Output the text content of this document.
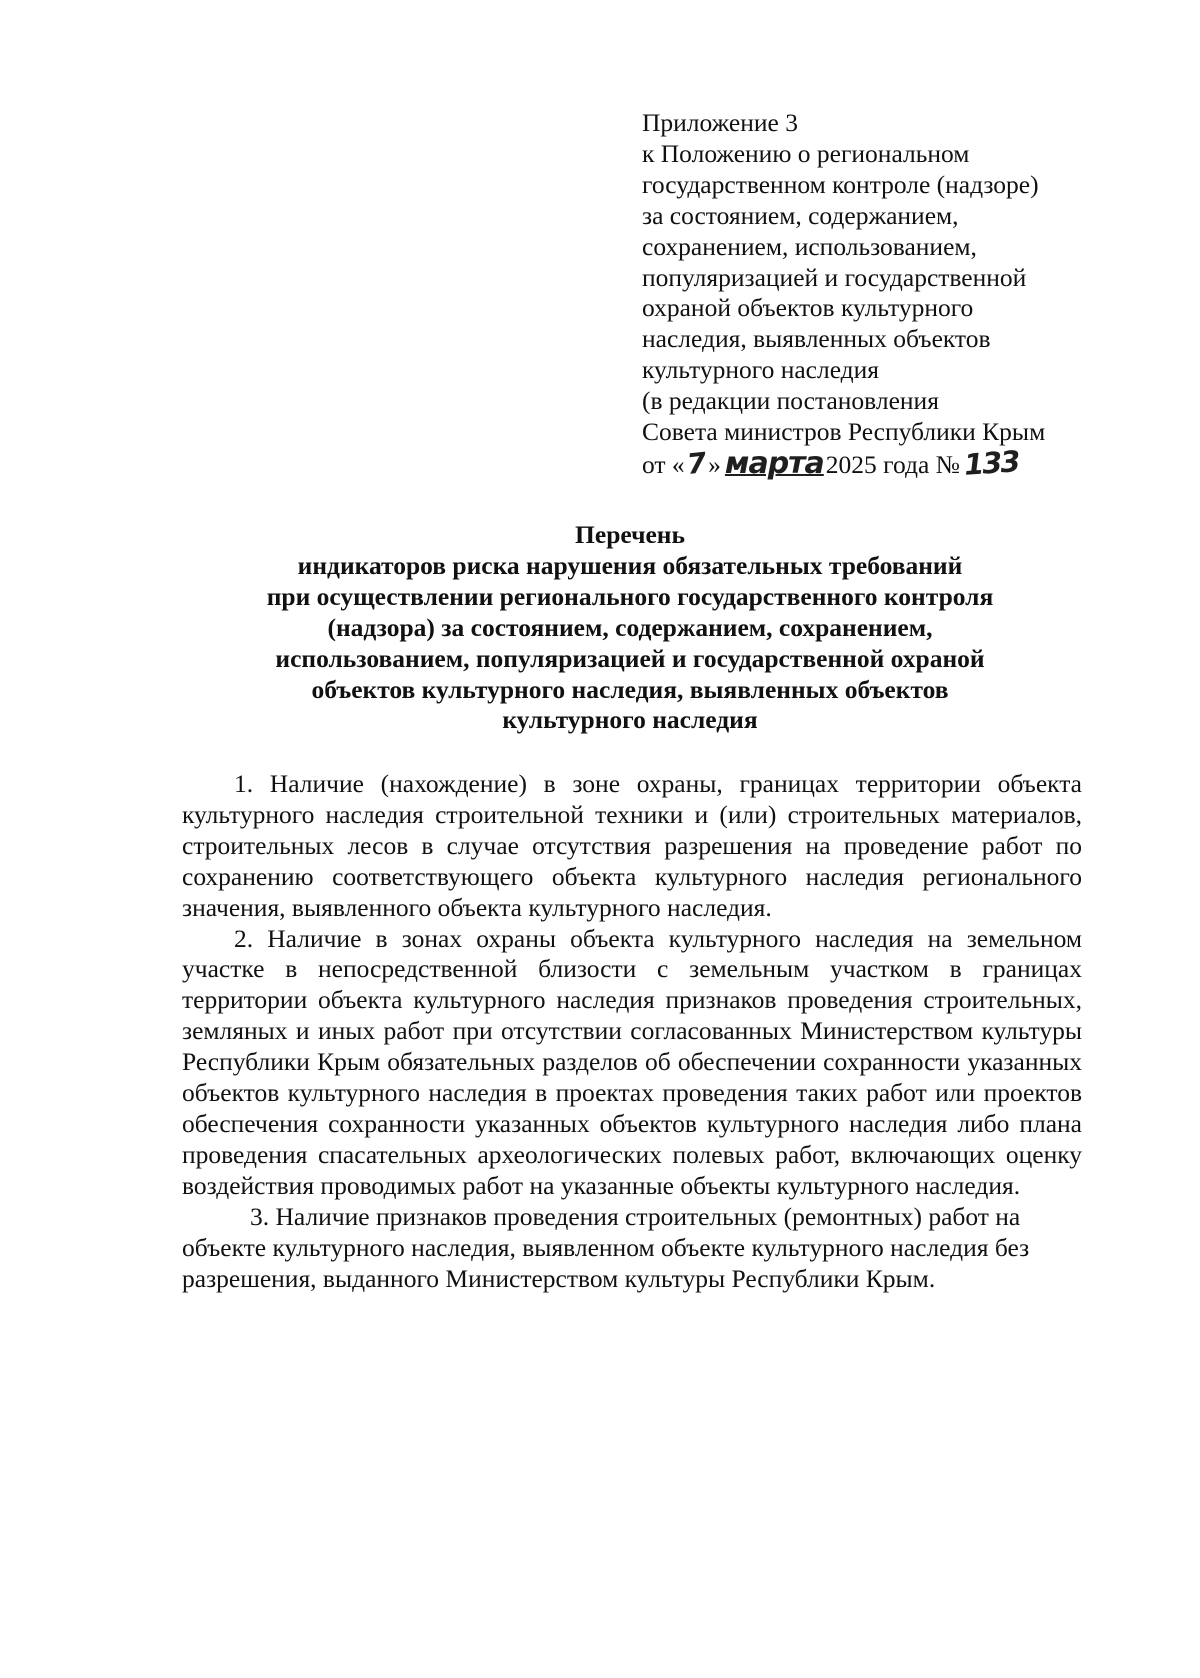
Приложение 3
к Положению о региональном
государственном контроле (надзоре)
за состоянием, содержанием,
сохранением, использованием,
популяризацией и государственной
охраной объектов культурного
наследия, выявленных объектов
культурного наследия
(в редакции постановления
Совета министров Республики Крым
от «7» марта2025 года №133
Перечень
индикаторов риска нарушения обязательных требований
при осуществлении регионального государственного контроля
(надзора) за состоянием, содержанием, сохранением,
использованием, популяризацией и государственной охраной
объектов культурного наследия, выявленных объектов
культурного наследия

1. Наличие (нахождение) в зоне охраны, границах территории объекта культурного наследия строительной техники и (или) строительных материалов, строительных лесов в случае отсутствия разрешения на проведение работ по сохранению соответствующего объекта культурного наследия регионального значения, выявленного объекта культурного наследия.

2. Наличие в зонах охраны объекта культурного наследия на земельном участке в непосредственной близости с земельным участком в границах территории объекта культурного наследия признаков проведения строительных, земляных и иных работ при отсутствии согласованных Министерством культуры Республики Крым обязательных разделов об обеспечении сохранности указанных объектов культурного наследия в проектах проведения таких работ или проектов обеспечения сохранности указанных объектов культурного наследия либо плана проведения спасательных археологических полевых работ, включающих оценку воздействия проводимых работ на указанные объекты культурного наследия.

3. Наличие признаков проведения строительных (ремонтных) работ на объекте культурного наследия, выявленном объекте культурного наследия без разрешения, выданного Министерством культуры Республики Крым.
